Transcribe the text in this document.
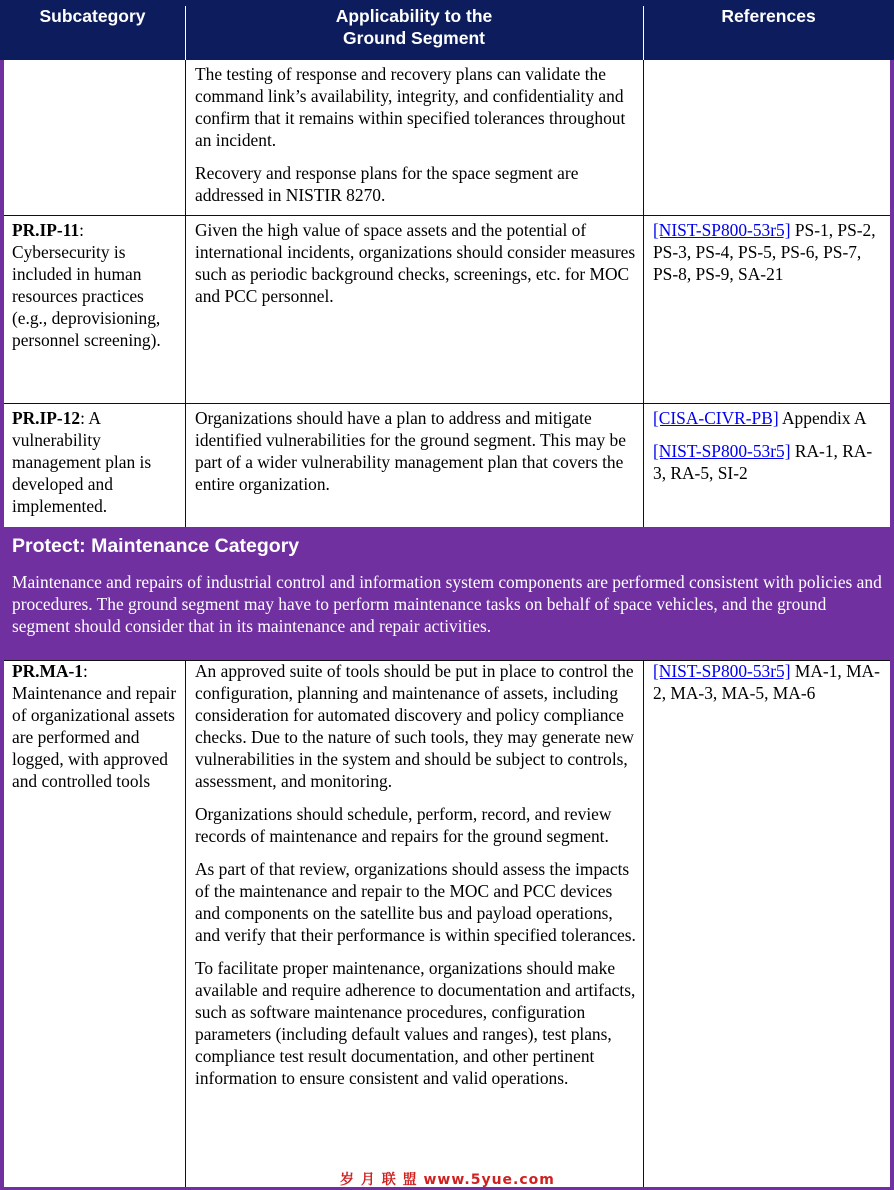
Subcategory	Applicability to the
Ground Segment
References

The testing of response and recovery plans can validate the command link’s availability, integrity, and confidentiality and confirm that it remains within specified tolerances throughout an incident.

Recovery and response plans for the space segment are addressed in NISTIR 8270.

PR.IP-11: Cybersecurity is included in human resources practices (e.g., deprovisioning, personnel screening).

Given the high value of space assets and the potential of international incidents, organizations should consider measures such as periodic background checks, screenings, etc. for MOC and PCC personnel.

[NIST-SP800-53r5] PS-1, PS-2, PS-3, PS-4, PS-5, PS-6, PS-7, PS-8, PS-9, SA-21

PR.IP-12: A vulnerability management plan is developed and implemented.

Organizations should have a plan to address and mitigate identified vulnerabilities for the ground segment. This may be part of a wider vulnerability management plan that covers the entire organization.

[CISA-CIVR-PB] Appendix A

[NIST-SP800-53r5] RA-1, RA-3, RA-5, SI-2

Protect: Maintenance Category
Maintenance and repairs of industrial control and information system components are performed consistent with policies and procedures. The ground segment may have to perform maintenance tasks on behalf of space vehicles, and the ground segment should consider that in its maintenance and repair activities.
PR.MA-1: Maintenance and repair of organizational assets are performed and logged, with approved and controlled tools

An approved suite of tools should be put in place to control the configuration, planning and maintenance of assets, including consideration for automated discovery and policy compliance checks. Due to the nature of such tools, they may generate new vulnerabilities in the system and should be subject to controls, assessment, and monitoring.

Organizations should schedule, perform, record, and review records of maintenance and repairs for the ground segment.

As part of that review, organizations should assess the impacts of the maintenance and repair to the MOC and PCC devices and components on the satellite bus and payload operations, and verify that their performance is within specified tolerances.

To facilitate proper maintenance, organizations should make available and require adherence to documentation and artifacts, such as software maintenance procedures, configuration parameters (including default values and ranges), test plans, compliance test result documentation, and other pertinent information to ensure consistent and valid operations.

[NIST-SP800-53r5] MA-1, MA-2, MA-3, MA-5, MA-6

岁 月 联 盟 www.5yue.com
